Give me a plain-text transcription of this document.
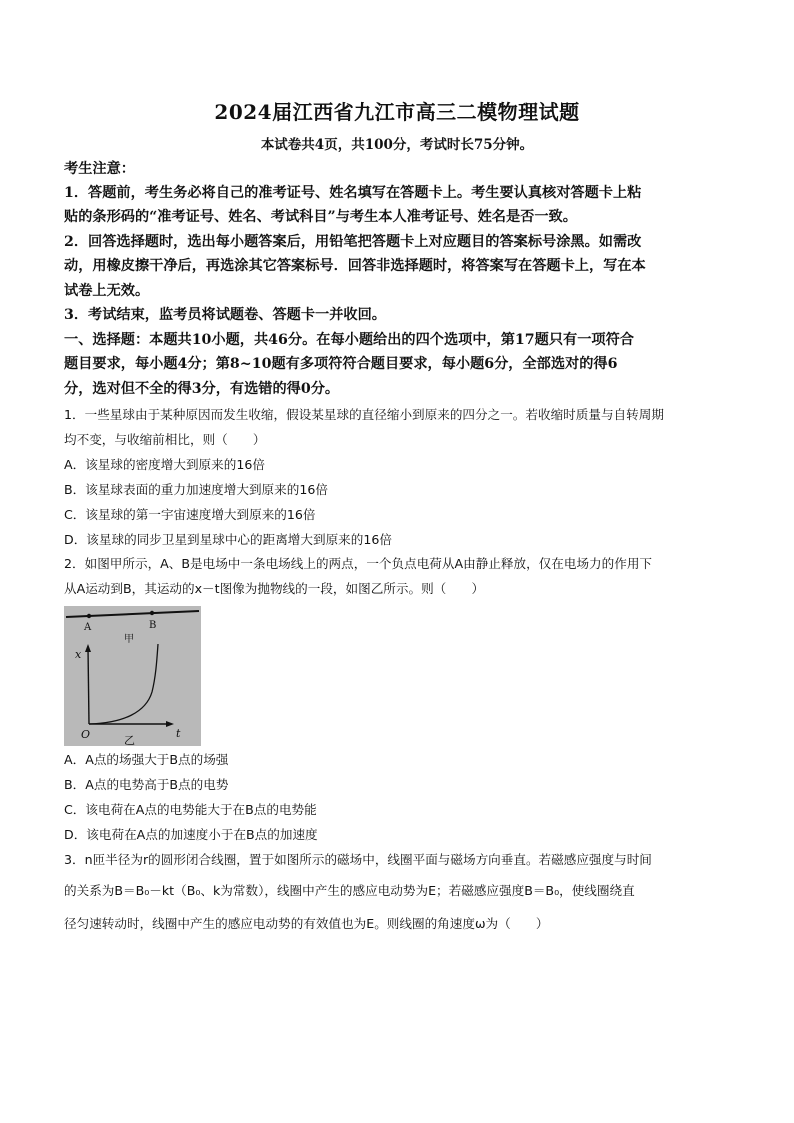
2024届江西省九江市高三二模物理试题
本试卷共4页，共100分，考试时长75分钟。
考生注意：
1．答题前，考生务必将自己的准考证号、姓名填写在答题卡上。考生要认真核对答题卡上粘
贴的条形码的“准考证号、姓名、考试科目”与考生本人准考证号、姓名是否一致。
2．回答选择题时，选出每小题答案后，用铅笔把答题卡上对应题目的答案标号涂黑。如需改
动，用橡皮擦干净后，再选涂其它答案标号．回答非选择题时，将答案写在答题卡上，写在本
试卷上无效。
3．考试结束，监考员将试题卷、答题卡一并收回。
一、选择题：本题共10小题，共46分。在每小题给出的四个选项中，第17题只有一项符合
题目要求，每小题4分；第8~10题有多项符符合题目要求，每小题6分，全部选对的得6
分，选对但不全的得3分，有选错的得0分。
1．一些星球由于某种原因而发生收缩，假设某星球的直径缩小到原来的四分之一。若收缩时质量与自转周期
均不变，与收缩前相比，则（　　）
A．该星球的密度增大到原来的16倍
B．该星球表面的重力加速度增大到原来的16倍
C．该星球的第一宇宙速度增大到原来的16倍
D．该星球的同步卫星到星球中心的距离增大到原来的16倍
2．如图甲所示，A、B是电场中一条电场线上的两点，一个负点电荷从A由静止释放，仅在电场力的作用下
从A运动到B，其运动的x－t图像为抛物线的一段，如图乙所示。则（　　）
A	B
甲
x
t
O	乙
A．A点的场强大于B点的场强
B．A点的电势高于B点的电势
C．该电荷在A点的电势能大于在B点的电势能
D．该电荷在A点的加速度小于在B点的加速度
3．n匝半径为r的圆形闭合线圈，置于如图所示的磁场中，线圈平面与磁场方向垂直。若磁感应强度与时间
的关系为B＝B₀－kt（B₀、k为常数），线圈中产生的感应电动势为E；若磁感应强度B＝B₀，使线圈绕直
径匀速转动时，线圈中产生的感应电动势的有效值也为E。则线圈的角速度ω为（　　）
